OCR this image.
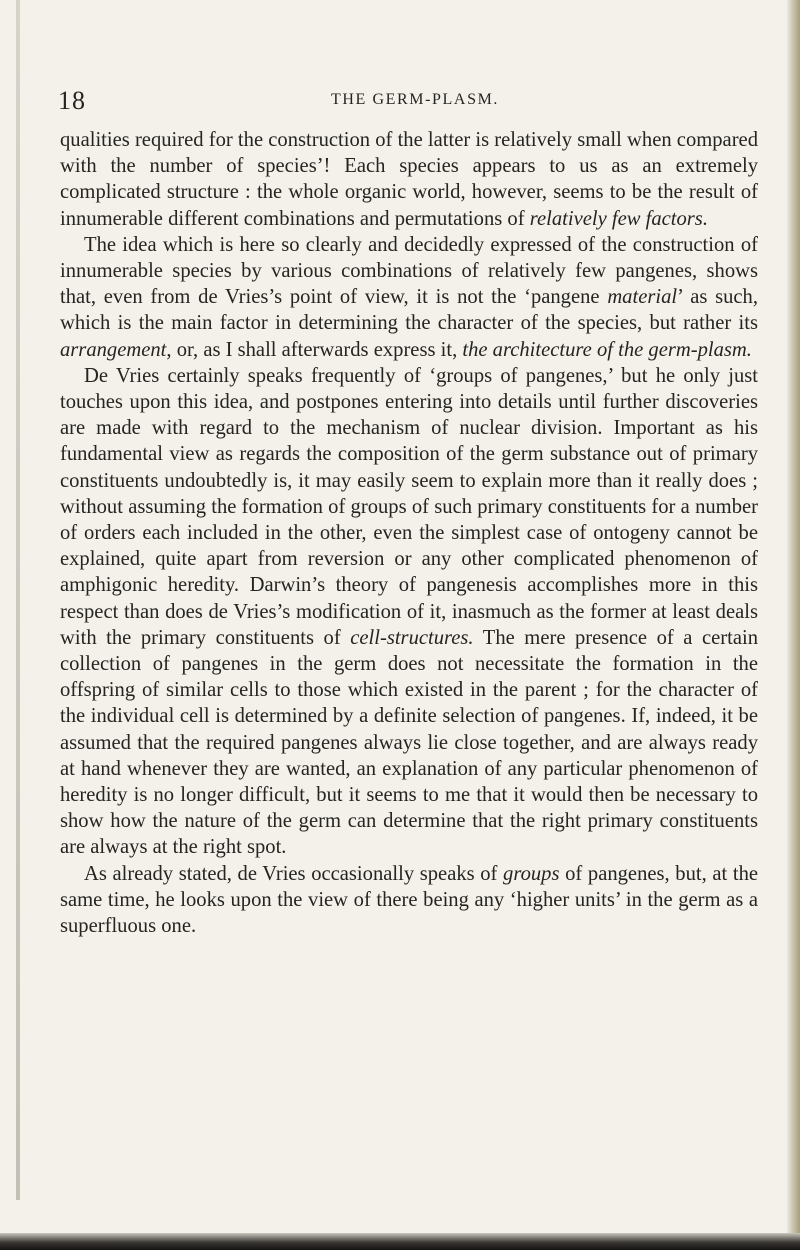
18	THE GERM-PLASM.

qualities required for the construction of the latter is relatively small when compared with the number of species’! Each species appears to us as an extremely complicated structure : the whole organic world, however, seems to be the result of innumerable different combinations and permutations of relatively few factors.

The idea which is here so clearly and decidedly expressed of the construction of innumerable species by various combinations of relatively few pangenes, shows that, even from de Vries’s point of view, it is not the ‘pangene material’ as such, which is the main factor in determining the character of the species, but rather its arrangement, or, as I shall afterwards express it, the architecture of the germ-plasm.

De Vries certainly speaks frequently of ‘groups of pangenes,’ but he only just touches upon this idea, and postpones entering into details until further discoveries are made with regard to the mechanism of nuclear division. Important as his fundamental view as regards the composition of the germ substance out of primary constituents undoubtedly is, it may easily seem to explain more than it really does ; without assuming the formation of groups of such primary constituents for a number of orders each included in the other, even the simplest case of ontogeny cannot be explained, quite apart from reversion or any other complicated phenomenon of amphigonic heredity. Darwin’s theory of pangenesis accomplishes more in this respect than does de Vries’s modification of it, inasmuch as the former at least deals with the primary constituents of cell-structures. The mere presence of a certain collection of pangenes in the germ does not necessitate the formation in the offspring of similar cells to those which existed in the parent ; for the character of the individual cell is determined by a definite selection of pangenes. If, indeed, it be assumed that the required pangenes always lie close together, and are always ready at hand whenever they are wanted, an explanation of any particular phenomenon of heredity is no longer difficult, but it seems to me that it would then be necessary to show how the nature of the germ can determine that the right primary constituents are always at the right spot.

As already stated, de Vries occasionally speaks of groups of pangenes, but, at the same time, he looks upon the view of there being any ‘higher units’ in the germ as a superfluous one.
